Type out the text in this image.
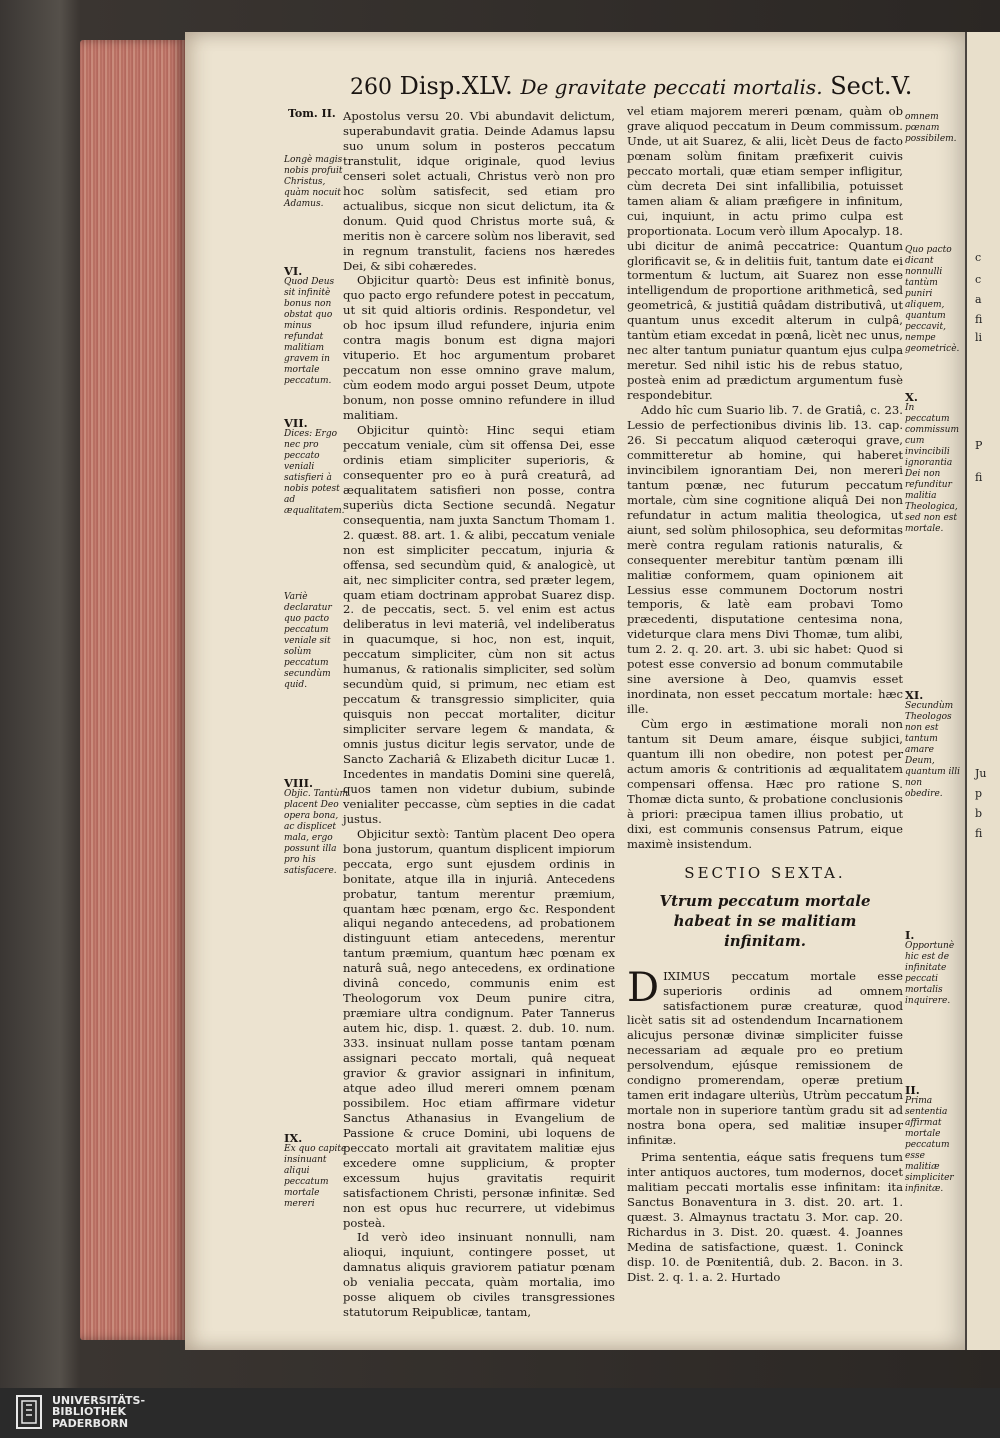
c
c
a
fi
li
P
fi
Ju
p
b
fi
260 Disp.XLV. De gravitate peccati mortalis. Sect.V.
Tom. II. Apostolus versu 20. Vbi abundavit delictum, superabundavit gratia. Deinde Adamus lapsu suo unum solum in posteros peccatum transtulit, idque originale, quod levius censeri solet actuali, Christus verò non pro hoc solùm satisfecit, sed etiam pro actualibus, sicque non sicut delictum, ita & donum. Quid quod Christus morte suâ, & meritis non è carcere solùm nos liberavit, sed in regnum transtulit, faciens nos hæredes Dei, & sibi cohæredes.

Objicitur quartò: Deus est infinitè bonus, quo pacto ergo refundere potest in peccatum, ut sit quid altioris ordinis. Respondetur, vel ob hoc ipsum illud refundere, injuria enim contra magis bonum est digna majori vituperio. Et hoc argumentum probaret peccatum non esse omnino grave malum, cùm eodem modo argui posset Deum, utpote bonum, non posse omnino refundere in illud malitiam.

Objicitur quintò: Hinc sequi etiam peccatum veniale, cùm sit offensa Dei, esse ordinis etiam simpliciter superioris, & consequenter pro eo à purâ creaturâ, ad æqualitatem satisfieri non posse, contra superiùs dicta Sectione secundâ. Negatur consequentia, nam juxta Sanctum Thomam 1. 2. quæst. 88. art. 1. & alibi, peccatum veniale non est simpliciter peccatum, injuria & offensa, sed secundùm quid, & analogicè, ut ait, nec simpliciter contra, sed præter legem, quam etiam doctrinam approbat Suarez disp. 2. de peccatis, sect. 5. vel enim est actus deliberatus in levi materiâ, vel indeliberatus in quacumque, si hoc, non est, inquit, peccatum simpliciter, cùm non sit actus humanus, & rationalis simpliciter, sed solùm secundùm quid, si primum, nec etiam est peccatum & transgressio simpliciter, quia quisquis non peccat mortaliter, dicitur simpliciter servare legem & mandata, & omnis justus dicitur legis servator, unde de Sancto Zachariâ & Elizabeth dicitur Lucæ 1. Incedentes in mandatis Domini sine querelâ, quos tamen non videtur dubium, subinde venialiter peccasse, cùm septies in die cadat justus.

Objicitur sextò: Tantùm placent Deo opera bona justorum, quantum displicent impiorum peccata, ergo sunt ejusdem ordinis in bonitate, atque illa in injuriâ. Antecedens probatur, tantum merentur præmium, quantam hæc pœnam, ergo &c. Respondent aliqui negando antecedens, ad probationem distinguunt etiam antecedens, merentur tantum præmium, quantum hæc pœnam ex naturâ suâ, nego antecedens, ex ordinatione divinâ concedo, communis enim est Theologorum vox Deum punire citra, præmiare ultra condignum. Pater Tannerus autem hic, disp. 1. quæst. 2. dub. 10. num. 333. insinuat nullam posse tantam pœnam assignari peccato mortali, quâ nequeat gravior & gravior assignari in infinitum, atque adeo illud mereri omnem pœnam possibilem. Hoc etiam affirmare videtur Sanctus Athanasius in Evangelium de Passione & cruce Domini, ubi loquens de peccato mortali ait gravitatem malitiæ ejus excedere omne supplicium, & propter excessum hujus gravitatis requirit satisfactionem Christi, personæ infinitæ. Sed non est opus huc recurrere, ut videbimus posteà.

Id verò ideo insinuant nonnulli, nam alioqui, inquiunt, contingere posset, ut damnatus aliquis graviorem patiatur pœnam ob venialia peccata, quàm mortalia, imo posse aliquem ob civiles transgressiones statutorum Reipublicæ, tantam,

vel etiam majorem mereri pœnam, quàm ob grave aliquod peccatum in Deum commissum. Unde, ut ait Suarez, & alii, licèt Deus de facto pœnam solùm finitam præfixerit cuivis peccato mortali, quæ etiam semper infligitur, cùm decreta Dei sint infallibilia, potuisset tamen aliam & aliam præfigere in infinitum, cui, inquiunt, in actu primo culpa est proportionata. Locum verò illum Apocalyp. 18. ubi dicitur de animâ peccatrice: Quantum glorificavit se, & in delitiis fuit, tantum date ei tormentum & luctum, ait Suarez non esse intelligendum de proportione arithmeticâ, sed geometricâ, & justitiâ quâdam distributivâ, ut quantum unus excedit alterum in culpâ, tantùm etiam excedat in pœnâ, licèt nec unus, nec alter tantum puniatur quantum ejus culpa meretur. Sed nihil istic his de rebus statuo, posteà enim ad prædictum argumentum fusè respondebitur.

Addo hîc cum Suario lib. 7. de Gratiâ, c. 23. Lessio de perfectionibus divinis lib. 13. cap. 26. Si peccatum aliquod cæteroqui grave, committeretur ab homine, qui haberet invincibilem ignorantiam Dei, non mereri tantum pœnæ, nec futurum peccatum mortale, cùm sine cognitione aliquâ Dei non refundatur in actum malitia theologica, ut aiunt, sed solùm philosophica, seu deformitas merè contra regulam rationis naturalis, & consequenter merebitur tantùm pœnam illi malitiæ conformem, quam opinionem ait Lessius esse communem Doctorum nostri temporis, & latè eam probavi Tomo præcedenti, disputatione centesima nona, videturque clara mens Divi Thomæ, tum alibi, tum 2. 2. q. 20. art. 3. ubi sic habet: Quod si potest esse conversio ad bonum commutabile sine aversione à Deo, quamvis esset inordinata, non esset peccatum mortale: hæc ille.

Cùm ergo in æstimatione morali non tantum sit Deum amare, éisque subjici, quantum illi non obedire, non potest per actum amoris & contritionis ad æqualitatem compensari offensa. Hæc pro ratione S. Thomæ dicta sunto, & probatione conclusionis à priori: præcipua tamen illius probatio, ut dixi, est communis consensus Patrum, eique maximè insistendum.

SECTIO SEXTA.
Vtrum peccatum mortale habeat in se malitiam infinitam.

DIXIMUS peccatum mortale esse superioris ordinis ad omnem satisfactionem puræ creaturæ, quod licèt satis sit ad ostendendum Incarnationem alicujus personæ divinæ simpliciter fuisse necessariam ad æquale pro eo pretium persolvendum, ejúsque remissionem de condigno promerendam, operæ pretium tamen erit indagare ulteriùs, Utrùm peccatum mortale non in superiore tantùm gradu sit ad nostra bona opera, sed malitiæ insuper infinitæ.

Prima sententia, eáque satis frequens tum inter antiquos auctores, tum modernos, docet malitiam peccati mortalis esse infinitam: ita Sanctus Bonaventura in 3. dist. 20. art. 1. quæst. 3. Almaynus tractatu 3. Mor. cap. 20. Richardus in 3. Dist. 20. quæst. 4. Joannes Medina de satisfactione, quæst. 1. Coninck disp. 10. de Pœnitentiâ, dub. 2. Bacon. in 3. Dist. 2. q. 1. a. 2. Hurtado

Longè magis nobis profuit Christus, quàm nocuit Adamus.
VI.
Quod Deus sit infinitè bonus non obstat quo minus refundat malitiam gravem in mortale peccatum.
VII.
Dices: Ergo nec pro peccato veniali satisfieri à nobis potest ad æqualitatem.
Variè declaratur quo pacto peccatum veniale sit solùm peccatum secundùm quid.
VIII.
Objic. Tantùm placent Deo opera bona, ac displicet mala, ergo possunt illa pro his satisfacere.
IX.
Ex quo capite insinuant aliqui peccatum mortale mereri
omnem pœnam possibilem.
Quo pacto dicant nonnulli tantùm puniri aliquem, quantum peccavit, nempe geometricè.
X.
In peccatum commissum cum invincibili ignorantia Dei non refunditur malitia Theologica, sed non est mortale.
XI.
Secundùm Theologos non est tantum amare Deum, quantum illi non obedire.
I.
Opportunè hic est de infinitate peccati mortalis inquirere.
II.
Prima sententia affirmat mortale peccatum esse malitiæ simpliciter infinitæ.
UNIVERSITÄTS-
BIBLIOTHEK
PADERBORN
